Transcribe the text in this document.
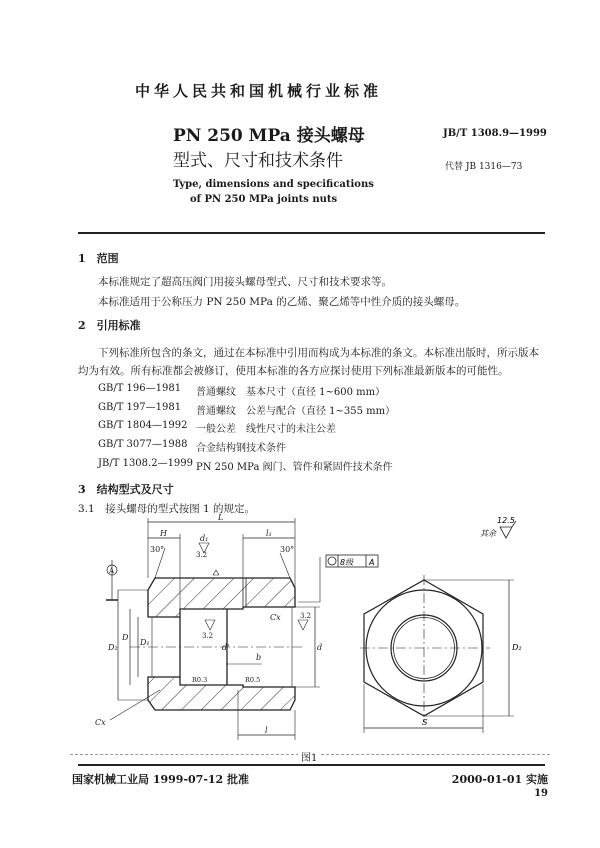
中华人民共和国机械行业标准
PN 250 MPa 接头螺母
型式、尺寸和技术条件
Type, dimensions and specifications
of PN 250 MPa joints nuts
JB/T 1308.9—1999
代替 JB 1316—73
1　范围
本标准规定了超高压阀门用接头螺母型式、尺寸和技术要求等。
本标准适用于公称压力 PN 250 MPa 的乙烯、聚乙烯等中性介质的接头螺母。
2　引用标准
下列标准所包含的条文，通过在本标准中引用而构成为本标准的条文。本标准出版时，所示版本
均为有效。所有标准都会被修订，使用本标准的各方应探讨使用下列标准最新版本的可能性。
GB/T 196—1981 普通螺纹　基本尺寸（直径 1~600 mm）
GB/T 197—1981 普通螺纹　公差与配合（直径 1~355 mm）
GB/T 1804—1992 一般公差　线性尺寸的未注公差
GB/T 3077—1988 合金结构钢技术条件
JB/T 1308.2—1999 PN 250 MPa 阀门、管件和紧固件技术条件
3　结构型式及尺寸
3.1　接头螺母的型式按图 1 的规定。
L
H	l₁
30°	30°
d₁
3.2
3.2
3.2
A
D₂
D
D₁
d'
b
Cx
d
R0.3	R0.5
Cx
l
8级 A
其余
12.5
D₂
S
图1
国家机械工业局 1999-07-12 批准	2000-01-01 实施
19
